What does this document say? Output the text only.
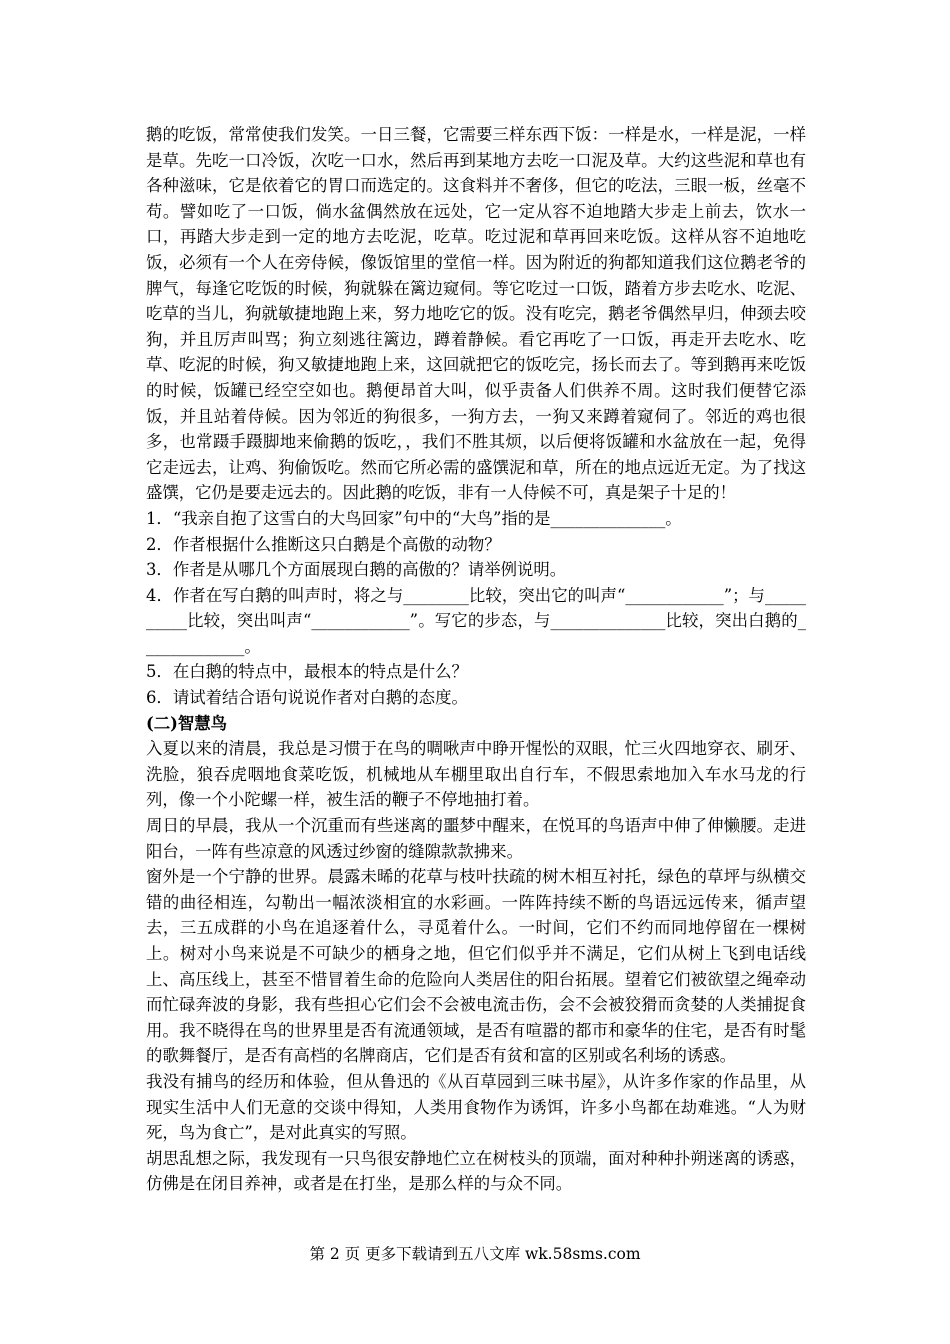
鹅的吃饭，常常使我们发笑。一日三餐，它需要三样东西下饭：一样是水，一样是泥，一样是草。先吃一口冷饭，次吃一口水，然后再到某地方去吃一口泥及草。大约这些泥和草也有各种滋味，它是依着它的胃口而选定的。这食料并不奢侈，但它的吃法，三眼一板，丝毫不苟。譬如吃了一口饭，倘水盆偶然放在远处，它一定从容不迫地踏大步走上前去，饮水一口，再踏大步走到一定的地方去吃泥，吃草。吃过泥和草再回来吃饭。这样从容不迫地吃饭，必须有一个人在旁侍候，像饭馆里的堂倌一样。因为附近的狗都知道我们这位鹅老爷的脾气，每逢它吃饭的时候，狗就躲在篱边窥伺。等它吃过一口饭，踏着方步去吃水、吃泥、吃草的当儿，狗就敏捷地跑上来，努力地吃它的饭。没有吃完，鹅老爷偶然早归，伸颈去咬狗，并且厉声叫骂；狗立刻逃往篱边，蹲着静候。看它再吃了一口饭，再走开去吃水、吃草、吃泥的时候，狗又敏捷地跑上来，这回就把它的饭吃完，扬长而去了。等到鹅再来吃饭的时候，饭罐已经空空如也。鹅便昂首大叫，似乎责备人们供养不周。这时我们便替它添饭，并且站着侍候。因为邻近的狗很多，一狗方去，一狗又来蹲着窥伺了。邻近的鸡也很多，也常蹑手蹑脚地来偷鹅的饭吃，，我们不胜其烦，以后便将饭罐和水盆放在一起，免得它走远去，让鸡、狗偷饭吃。然而它所必需的盛馔泥和草，所在的地点远近无定。为了找这盛馔，它仍是要走远去的。因此鹅的吃饭，非有一人侍候不可，真是架子十足的！

1．“我亲自抱了这雪白的大鸟回家”句中的“大鸟”指的是______________。

2．作者根据什么推断这只白鹅是个高傲的动物？

3．作者是从哪几个方面展现白鹅的高傲的？请举例说明。

4．作者在写白鹅的叫声时，将之与________比较，突出它的叫声“____________”；与__________比较，突出叫声“____________”。写它的步态，与______________比较，突出白鹅的_____________。

5．在白鹅的特点中，最根本的特点是什么？

6．请试着结合语句说说作者对白鹅的态度。

(二)智慧鸟

入夏以来的清晨，我总是习惯于在鸟的啁啾声中睁开惺忪的双眼，忙三火四地穿衣、刷牙、洗脸，狼吞虎咽地食菜吃饭，机械地从车棚里取出自行车，不假思索地加入车水马龙的行列，像一个小陀螺一样，被生活的鞭子不停地抽打着。

周日的早晨，我从一个沉重而有些迷离的噩梦中醒来，在悦耳的鸟语声中伸了伸懒腰。走进阳台，一阵有些凉意的风透过纱窗的缝隙款款拂来。

窗外是一个宁静的世界。晨露未晞的花草与枝叶扶疏的树木相互衬托，绿色的草坪与纵横交错的曲径相连，勾勒出一幅浓淡相宜的水彩画。一阵阵持续不断的鸟语远远传来，循声望去，三五成群的小鸟在追逐着什么，寻觅着什么。一时间，它们不约而同地停留在一棵树上。树对小鸟来说是不可缺少的栖身之地，但它们似乎并不满足，它们从树上飞到电话线上、高压线上，甚至不惜冒着生命的危险向人类居住的阳台拓展。望着它们被欲望之绳牵动而忙碌奔波的身影，我有些担心它们会不会被电流击伤，会不会被狡猾而贪婪的人类捕捉食用。我不晓得在鸟的世界里是否有流通领域，是否有喧嚣的都市和豪华的住宅，是否有时髦的歌舞餐厅，是否有高档的名牌商店，它们是否有贫和富的区别或名利场的诱惑。

我没有捕鸟的经历和体验，但从鲁迅的《从百草园到三味书屋》，从许多作家的作品里，从现实生活中人们无意的交谈中得知，人类用食物作为诱饵，许多小鸟都在劫难逃。“人为财死，鸟为食亡”，是对此真实的写照。

胡思乱想之际，我发现有一只鸟很安静地伫立在树枝头的顶端，面对种种扑朔迷离的诱惑，仿佛是在闭目养神，或者是在打坐，是那么样的与众不同。

第 2 页 更多下载请到五八文库 wk.58sms.com
